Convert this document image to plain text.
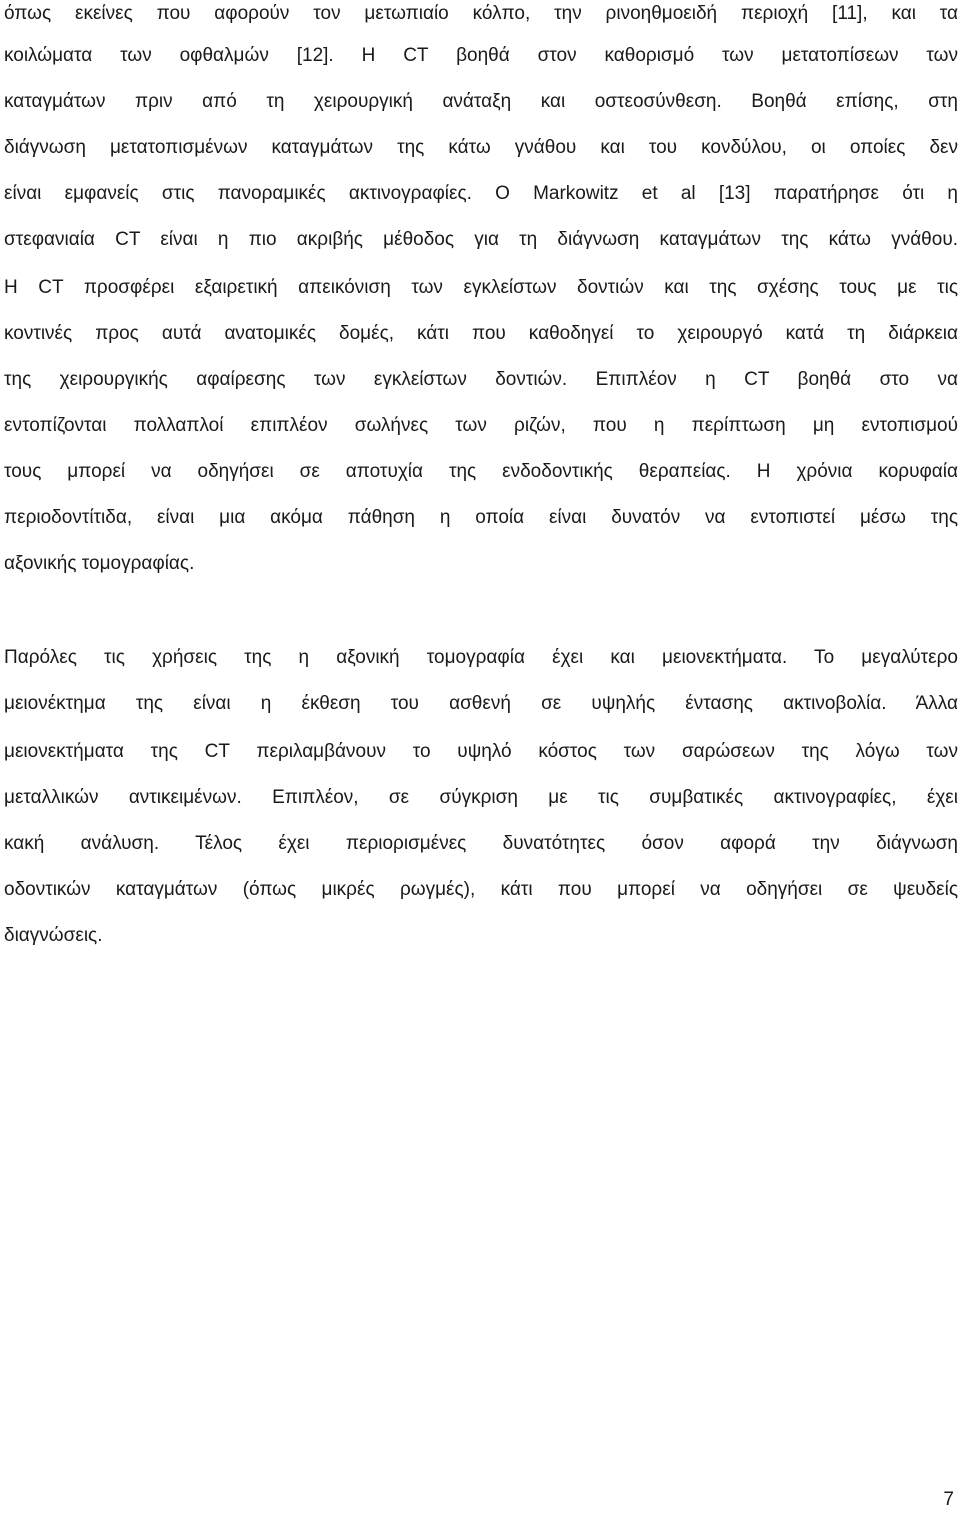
όπως εκείνες που αφορούν τον μετωπιαίο κόλπο, την ρινοηθμοειδή περιοχή [11], και τα
κοιλώματα των οφθαλμών [12]. Η CT βοηθά στον καθορισμό των μετατοπίσεων των
καταγμάτων πριν από τη χειρουργική ανάταξη και οστεοσύνθεση. Βοηθά επίσης, στη
διάγνωση μετατοπισμένων καταγμάτων της κάτω γνάθου και του κονδύλου, οι οποίες δεν
είναι εμφανείς στις πανοραμικές ακτινογραφίες. Ο Markowitz et al [13] παρατήρησε ότι η
στεφανιαία CT είναι η πιο ακριβής μέθοδος για τη διάγνωση καταγμάτων της κάτω γνάθου.
Η CT προσφέρει εξαιρετική απεικόνιση των εγκλείστων δοντιών και της σχέσης τους με τις
κοντινές προς αυτά ανατομικές δομές, κάτι που καθοδηγεί το χειρουργό κατά τη διάρκεια
της χειρουργικής αφαίρεσης των εγκλείστων δοντιών. Επιπλέον η CT βοηθά στο να
εντοπίζονται πολλαπλοί επιπλέον σωλήνες των ριζών, που η περίπτωση μη εντοπισμού
τους μπορεί να οδηγήσει σε αποτυχία της ενδοδοντικής θεραπείας. Η χρόνια κορυφαία
περιοδοντίτιδα, είναι μια ακόμα πάθηση η οποία είναι δυνατόν να εντοπιστεί μέσω της
αξονικής τομογραφίας.
Παρόλες τις χρήσεις της η αξονική τομογραφία έχει και μειονεκτήματα. Το μεγαλύτερο
μειονέκτημα της είναι η έκθεση του ασθενή σε υψηλής έντασης ακτινοβολία. Άλλα
μειονεκτήματα της CT περιλαμβάνουν το υψηλό κόστος των σαρώσεων της λόγω των
μεταλλικών αντικειμένων. Επιπλέον, σε σύγκριση με τις συμβατικές ακτινογραφίες, έχει
κακή ανάλυση. Τέλος έχει περιορισμένες δυνατότητες όσον αφορά την διάγνωση
οδοντικών καταγμάτων (όπως μικρές ρωγμές), κάτι που μπορεί να οδηγήσει σε ψευδείς
διαγνώσεις.
7
